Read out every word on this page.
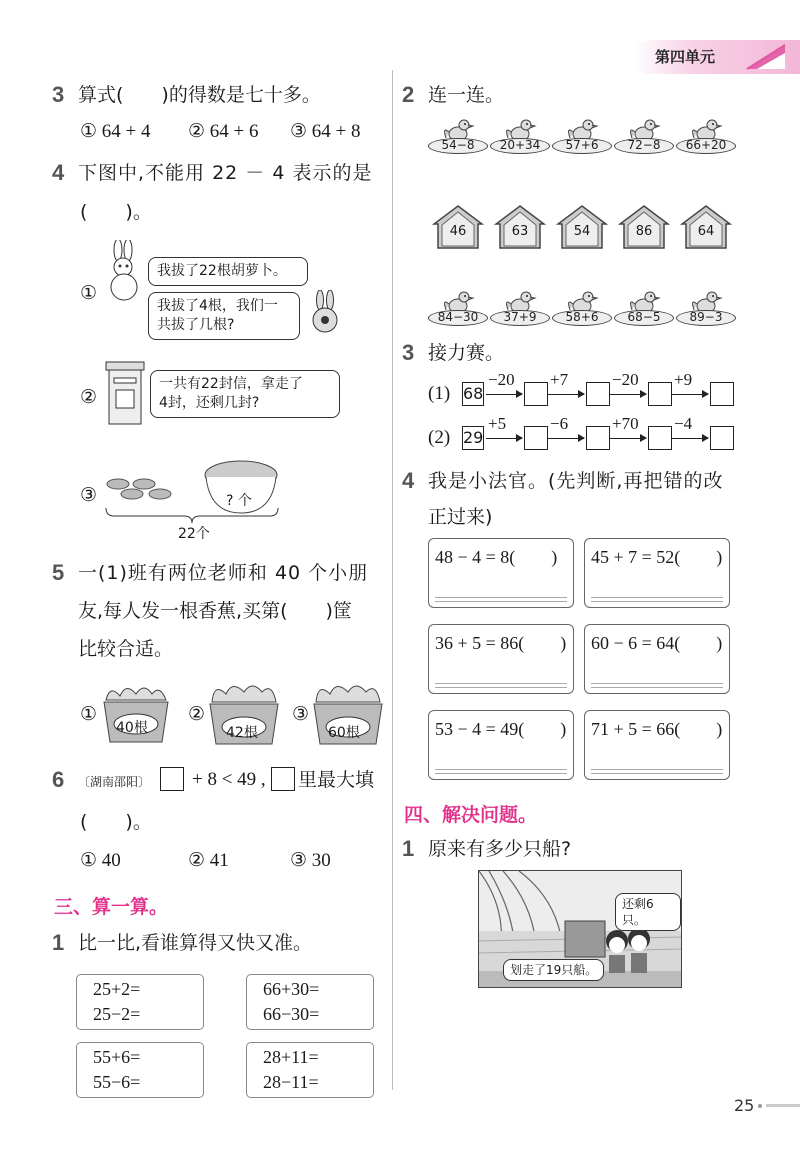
第四单元
3 算式(　　)的得数是七十多。
① 64 + 4 ② 64 + 6 ③ 64 + 8
4 下图中,不能用 22 － 4 表示的是
(　　)。
①
我拔了22根胡萝卜。
我拔了4根，我们一
共拔了几根?
②
一共有22封信，拿走了
4封，还剩几封?
③	? 个
22个
5 一(1)班有两位老师和 40 个小朋
友,每人发一根香蕉,买第(　　)筐
比较合适。
①
40根
②
42根
③
60根
6 〔湖南邵阳〕 + 8 < 49 , 里最大填
(　　)。
① 40	② 41	③ 30
三、算一算。
1 比一比,看谁算得又快又准。
25+2=
25−2=
66+30=
66−30=
55+6=
55−6=
28+11=
28−11=
2 连一连。
54−8	20+34	57+6	72−8	66+20
46	63	54	86	64
84−30	37+9	58+6	68−5	89−3
3 接力赛。
(1) 68
−20 +7	−20 +9
(2) 29
+5	−6	+70 −4
4 我是小法官。(先判断,再把错的改
正过来)
48 − 4 = 8(　　) 45 + 7 = 52(　　)
36 + 5 = 86(　　) 60 − 6 = 64(　　)
53 − 4 = 49(　　) 71 + 5 = 66(　　)
四、解决问题。
1 原来有多少只船?
还剩6只。
划走了19只船。
25
